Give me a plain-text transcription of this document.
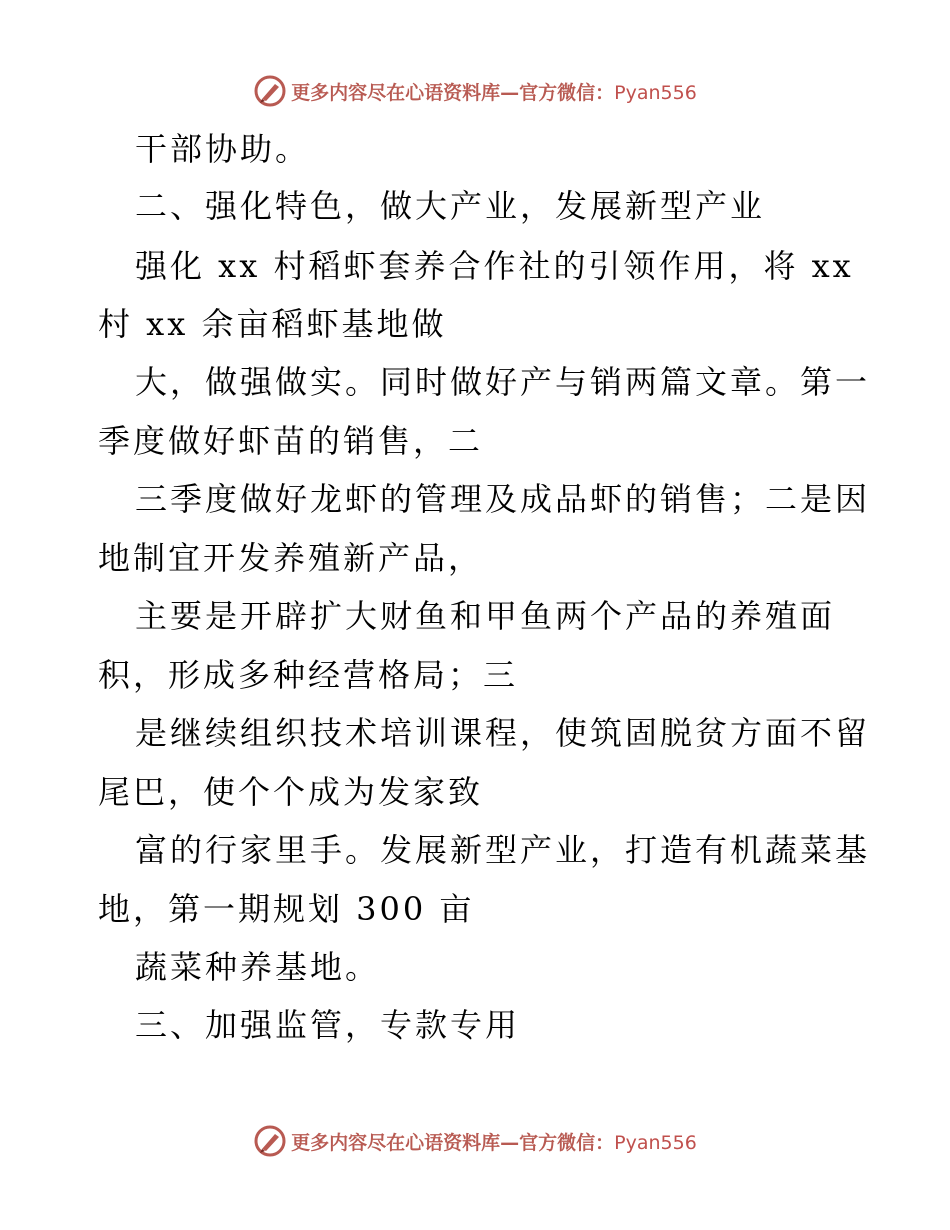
更多内容尽在心语资料库—官方微信：Pyan556
干部协助。
二、强化特色，做大产业，发展新型产业
强化 xx 村稻虾套养合作社的引领作用，将 xx
村 xx 余亩稻虾基地做
大，做强做实。同时做好产与销两篇文章。第一
季度做好虾苗的销售，二
三季度做好龙虾的管理及成品虾的销售；二是因
地制宜开发养殖新产品，
主要是开辟扩大财鱼和甲鱼两个产品的养殖面
积，形成多种经营格局；三
是继续组织技术培训课程，使筑固脱贫方面不留
尾巴，使个个成为发家致
富的行家里手。发展新型产业，打造有机蔬菜基
地，第一期规划 300 亩
蔬菜种养基地。
三、加强监管，专款专用
更多内容尽在心语资料库—官方微信：Pyan556
